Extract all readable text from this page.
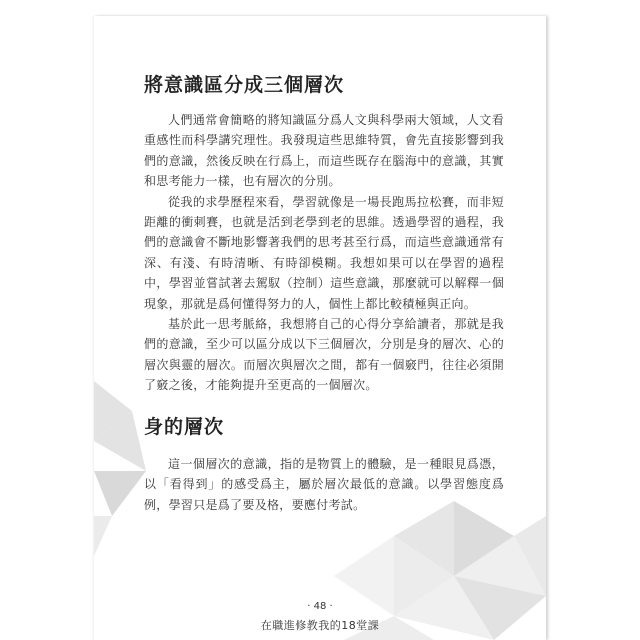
將意識區分成三個層次

人們通常會簡略的將知識區分爲人文與科學兩大領域，人文看重感性而科學講究理性。我發現這些思維特質，會先直接影響到我們的意識，然後反映在行爲上，而這些既存在腦海中的意識，其實和思考能力一樣，也有層次的分別。

從我的求學歷程來看，學習就像是一場長跑馬拉松賽，而非短距離的衝刺賽，也就是活到老學到老的思維。透過學習的過程，我們的意識會不斷地影響著我們的思考甚至行爲，而這些意識通常有深、有淺、有時清晰、有時卻模糊。我想如果可以在學習的過程中，學習並嘗試著去駕馭（控制）這些意識，那麼就可以解釋一個現象，那就是爲何懂得努力的人，個性上都比較積極與正向。

基於此一思考脈絡，我想將自己的心得分享給讀者，那就是我們的意識，至少可以區分成以下三個層次，分別是身的層次、心的層次與靈的層次。而層次與層次之間，都有一個竅門，往往必須開了竅之後，才能夠提升至更高的一個層次。

身的層次

這一個層次的意識，指的是物質上的體驗，是一種眼見爲憑，以「看得到」的感受爲主，屬於層次最低的意識。以學習態度爲例，學習只是爲了要及格，要應付考試。

· 48 ·
在職進修教我的18堂課
